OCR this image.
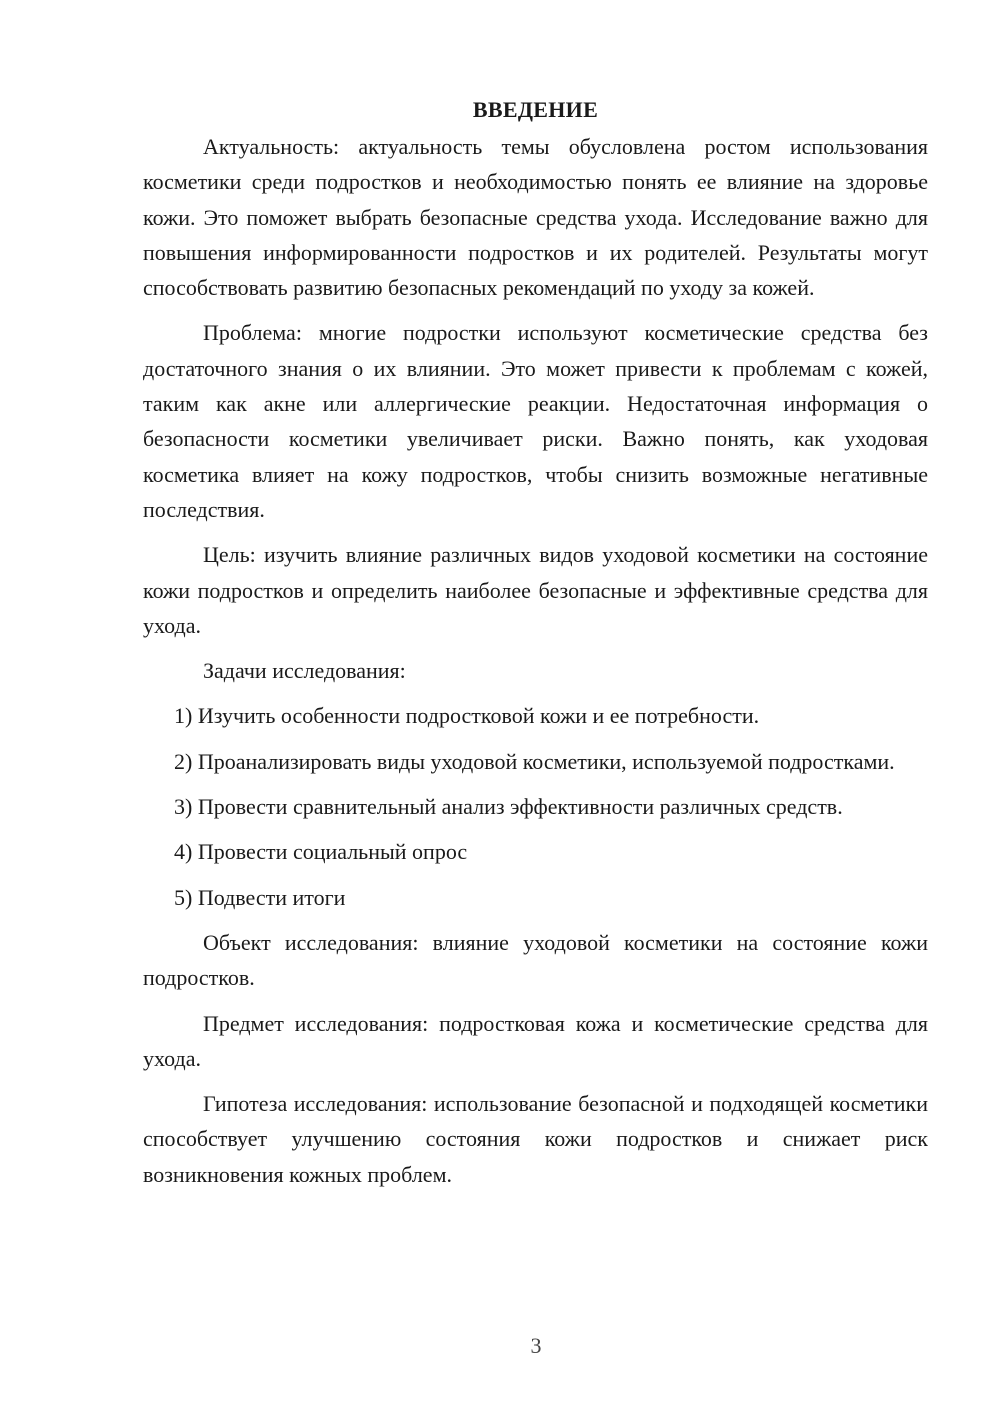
ВВЕДЕНИЕ

Актуальность: актуальность темы обусловлена ростом использования косметики среди подростков и необходимостью понять ее влияние на здоровье кожи. Это поможет выбрать безопасные средства ухода. Исследование важно для повышения информированности подростков и их родителей. Результаты могут способствовать развитию безопасных рекомендаций по уходу за кожей.

Проблема: многие подростки используют косметические средства без достаточного знания о их влиянии. Это может привести к проблемам с кожей, таким как акне или аллергические реакции. Недостаточная информация о безопасности косметики увеличивает риски. Важно понять, как уходовая косметика влияет на кожу подростков, чтобы снизить возможные негативные последствия.

Цель: изучить влияние различных видов уходовой косметики на состояние кожи подростков и определить наиболее безопасные и эффективные средства для ухода.

Задачи исследования:

1) Изучить особенности подростковой кожи и ее потребности.

2) Проанализировать виды уходовой косметики, используемой подростками.

3) Провести сравнительный анализ эффективности различных средств.

4) Провести социальный опрос

5) Подвести итоги

Объект исследования: влияние уходовой косметики на состояние кожи подростков.

Предмет исследования: подростковая кожа и косметические средства для ухода.

Гипотеза исследования: использование безопасной и подходящей косметики способствует улучшению состояния кожи подростков и снижает риск возникновения кожных проблем.

3
